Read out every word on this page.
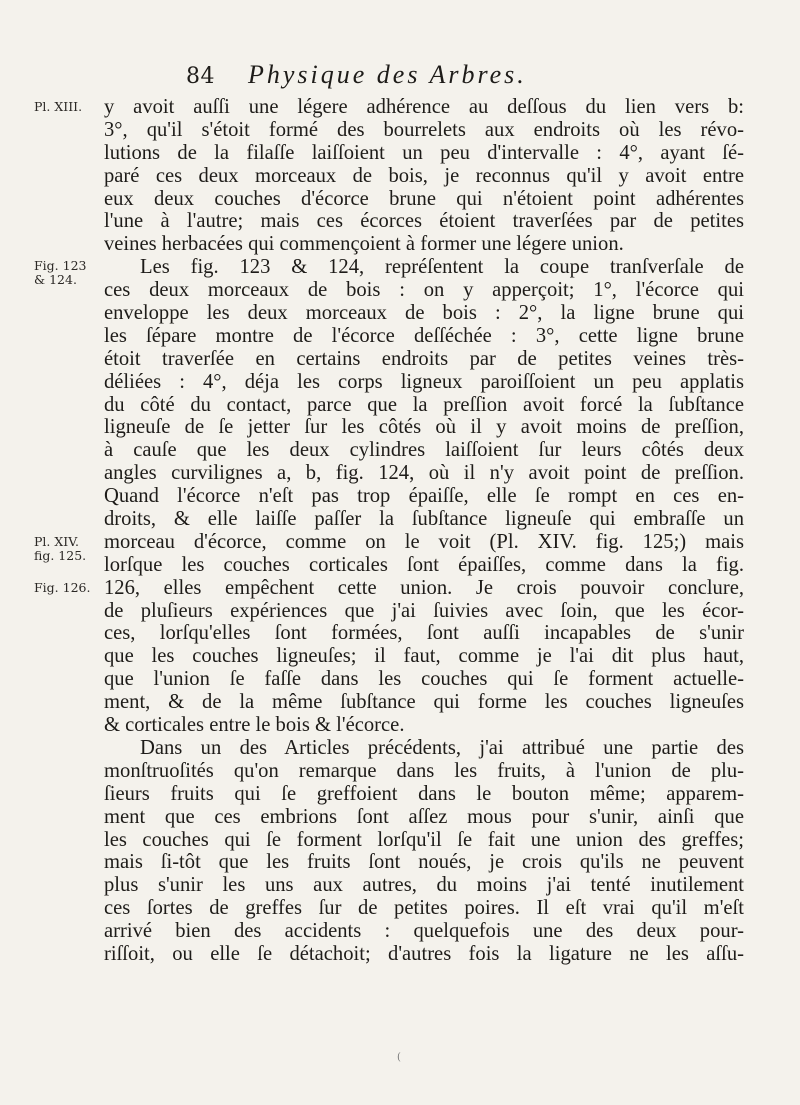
84 Physique des Arbres.
Pl. XIII.
Fig. 123 & 124.
Pl. XIV. fig. 125.
Fig. 126.
y avoit auſſi une légere adhérence au deſſous du lien vers b:
3°, qu'il s'étoit formé des bourrelets aux endroits où les révo-
lutions de la filaſſe laiſſoient un peu d'intervalle : 4°, ayant ſé-
paré ces deux morceaux de bois, je reconnus qu'il y avoit entre
eux deux couches d'écorce brune qui n'étoient point adhérentes
l'une à l'autre; mais ces écorces étoient traverſées par de petites
veines herbacées qui commençoient à former une légere union.
Les fig. 123 & 124, repréſentent la coupe tranſverſale de
ces deux morceaux de bois : on y apperçoit; 1°, l'écorce qui
enveloppe les deux morceaux de bois : 2°, la ligne brune qui
les ſépare montre de l'écorce deſſéchée : 3°, cette ligne brune
étoit traverſée en certains endroits par de petites veines très-
déliées : 4°, déja les corps ligneux paroiſſoient un peu applatis
du côté du contact, parce que la preſſion avoit forcé la ſubſtance
ligneuſe de ſe jetter ſur les côtés où il y avoit moins de preſſion,
à cauſe que les deux cylindres laiſſoient ſur leurs côtés deux
angles curvilignes a, b, fig. 124, où il n'y avoit point de preſſion.
Quand l'écorce n'eſt pas trop épaiſſe, elle ſe rompt en ces en-
droits, & elle laiſſe paſſer la ſubſtance ligneuſe qui embraſſe un
morceau d'écorce, comme on le voit (Pl. XIV. fig. 125;) mais
lorſque les couches corticales ſont épaiſſes, comme dans la fig.
126, elles empêchent cette union. Je crois pouvoir conclure,
de pluſieurs expériences que j'ai ſuivies avec ſoin, que les écor-
ces, lorſqu'elles ſont formées, ſont auſſi incapables de s'unir
que les couches ligneuſes; il faut, comme je l'ai dit plus haut,
que l'union ſe faſſe dans les couches qui ſe forment actuelle-
ment, & de la même ſubſtance qui forme les couches ligneuſes
& corticales entre le bois & l'écorce.
Dans un des Articles précédents, j'ai attribué une partie des
monſtruoſités qu'on remarque dans les fruits, à l'union de plu-
ſieurs fruits qui ſe greffoient dans le bouton même; apparem-
ment que ces embrions ſont aſſez mous pour s'unir, ainſi que
les couches qui ſe forment lorſqu'il ſe fait une union des greffes;
mais ſi-tôt que les fruits ſont noués, je crois qu'ils ne peuvent
plus s'unir les uns aux autres, du moins j'ai tenté inutilement
ces ſortes de greffes ſur de petites poires. Il eſt vrai qu'il m'eſt
arrivé bien des accidents : quelquefois une des deux pour-
riſſoit, ou elle ſe détachoit; d'autres fois la ligature ne les aſſu-
(
